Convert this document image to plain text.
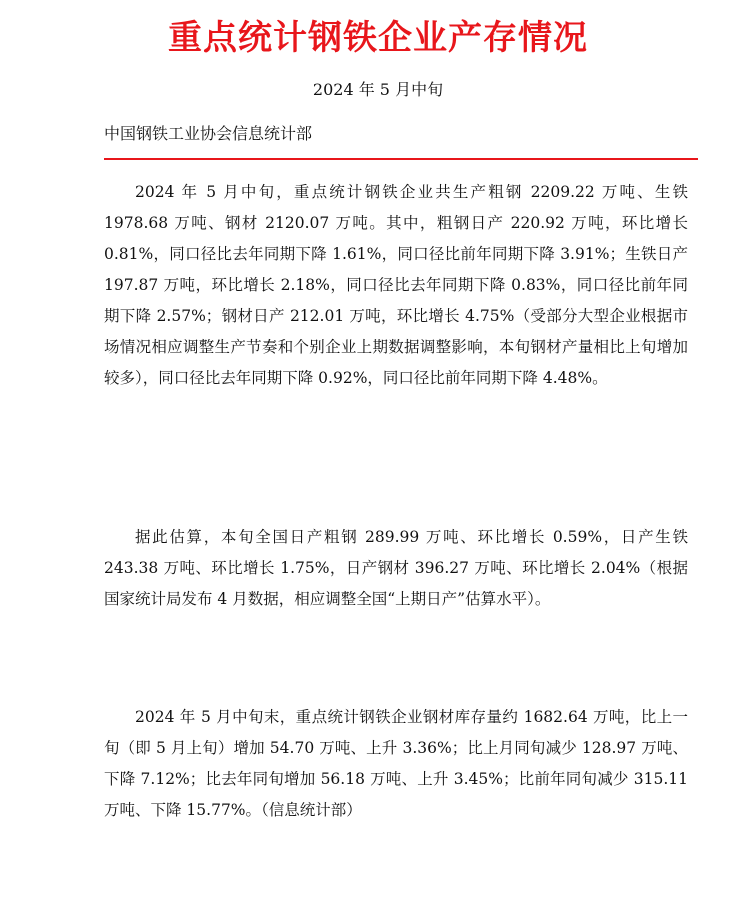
重点统计钢铁企业产存情况
2024 年 5 月中旬
中国钢铁工业协会信息统计部

2024 年 5 月中旬，重点统计钢铁企业共生产粗钢 2209.22 万吨、生铁 1978.68 万吨、钢材 2120.07 万吨。其中，粗钢日产 220.92 万吨，环比增长 0.81%，同口径比去年同期下降 1.61%，同口径比前年同期下降 3.91%；生铁日产 197.87 万吨，环比增长 2.18%，同口径比去年同期下降 0.83%，同口径比前年同期下降 2.57%；钢材日产 212.01 万吨，环比增长 4.75%（受部分大型企业根据市场情况相应调整生产节奏和个别企业上期数据调整影响，本旬钢材产量相比上旬增加较多），同口径比去年同期下降 0.92%，同口径比前年同期下降 4.48%。

据此估算，本旬全国日产粗钢 289.99 万吨、环比增长 0.59%，日产生铁 243.38 万吨、环比增长 1.75%，日产钢材 396.27 万吨、环比增长 2.04%（根据国家统计局发布 4 月数据，相应调整全国“上期日产”估算水平）。

2024 年 5 月中旬末，重点统计钢铁企业钢材库存量约 1682.64 万吨，比上一旬（即 5 月上旬）增加 54.70 万吨、上升 3.36%；比上月同旬减少 128.97 万吨、下降 7.12%；比去年同旬增加 56.18 万吨、上升 3.45%；比前年同旬减少 315.11 万吨、下降 15.77%。（信息统计部）
